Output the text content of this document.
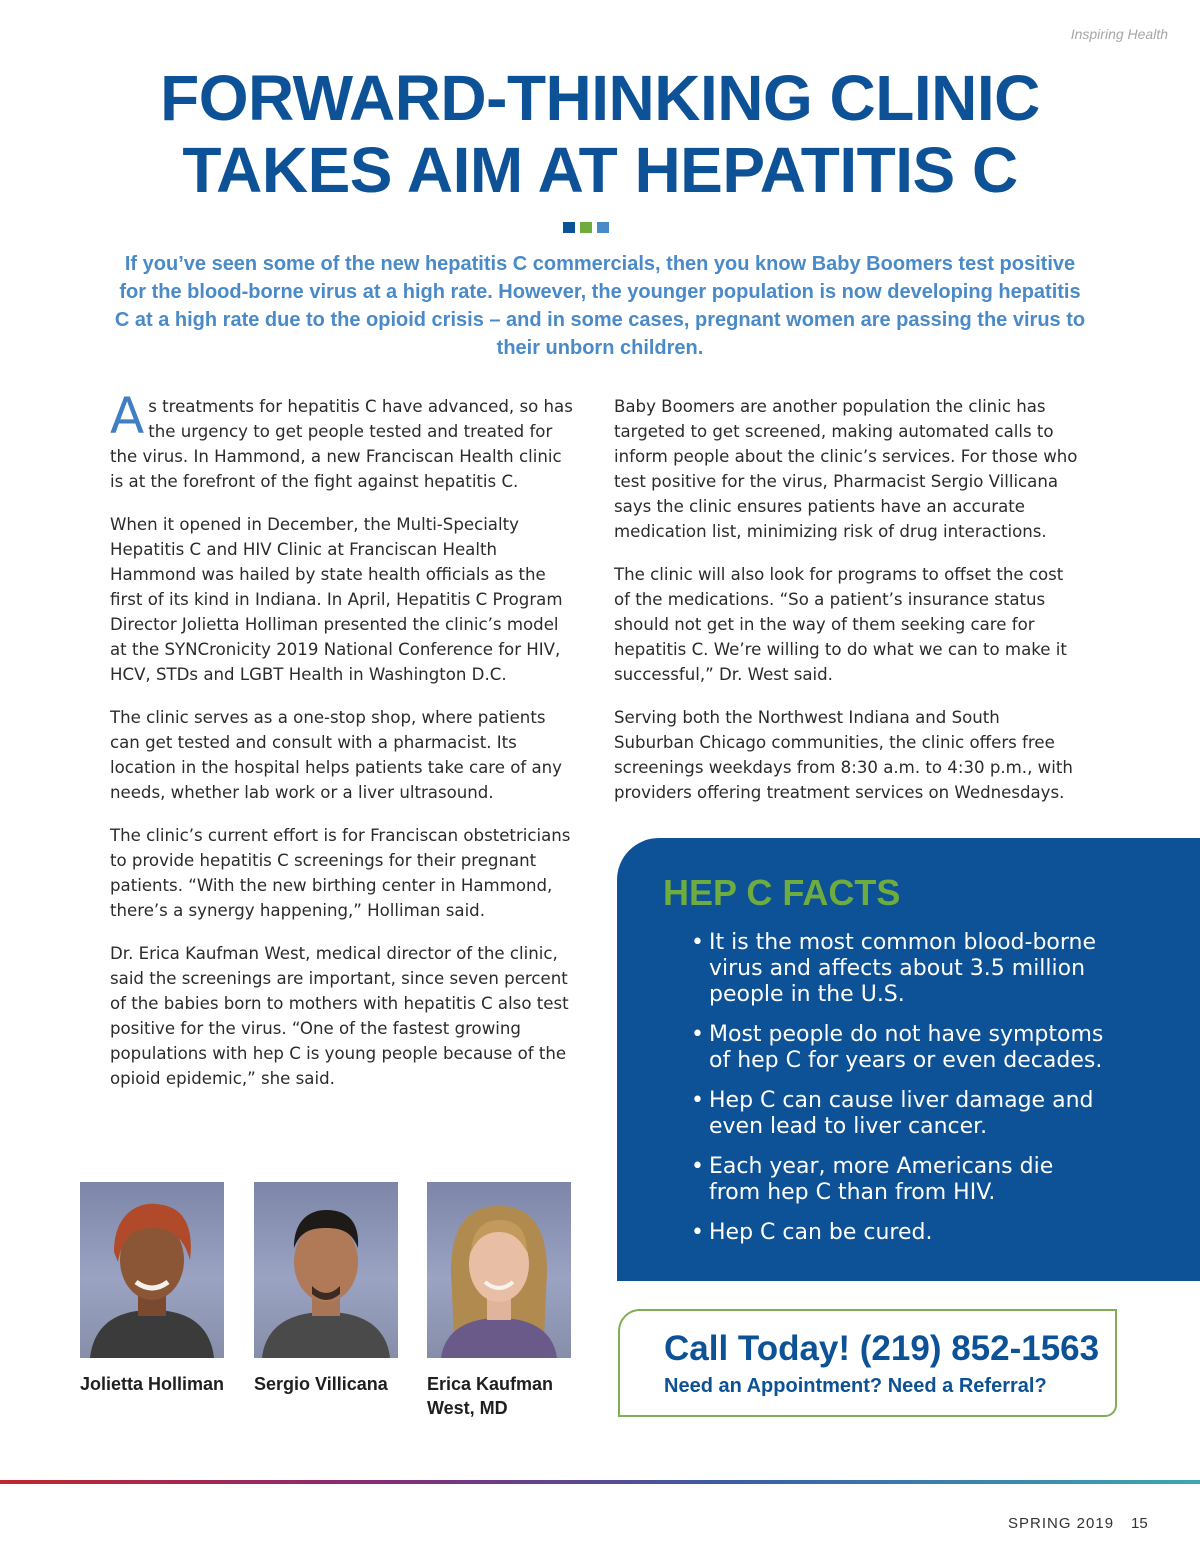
Inspiring Health
FORWARD-THINKING CLINIC
TAKES AIM AT HEPATITIS C

If you’ve seen some of the new hepatitis C commercials, then you know Baby Boomers test positive for the blood-borne virus at a high rate. However, the younger population is now developing hepatitis C at a high rate due to the opioid crisis – and in some cases, pregnant women are passing the virus to their unborn children.

As treatments for hepatitis C have advanced, so has the urgency to get people tested and treated for the virus. In Hammond, a new Franciscan Health clinic is at the forefront of the fight against hepatitis C.

When it opened in December, the Multi-Specialty Hepatitis C and HIV Clinic at Franciscan Health Hammond was hailed by state health officials as the first of its kind in Indiana. In April, Hepatitis C Program Director Jolietta Holliman presented the clinic’s model at the SYNCronicity 2019 National Conference for HIV, HCV, STDs and LGBT Health in Washington D.C.

The clinic serves as a one-stop shop, where patients can get tested and consult with a pharmacist. Its location in the hospital helps patients take care of any needs, whether lab work or a liver ultrasound.

The clinic’s current effort is for Franciscan obstetricians to provide hepatitis C screenings for their pregnant patients. “With the new birthing center in Hammond, there’s a synergy happening,” Holliman said.

Dr. Erica Kaufman West, medical director of the clinic, said the screenings are important, since seven percent of the babies born to mothers with hepatitis C also test positive for the virus. “One of the fastest growing populations with hep C is young people because of the opioid epidemic,” she said.

Baby Boomers are another population the clinic has targeted to get screened, making automated calls to inform people about the clinic’s services. For those who test positive for the virus, Pharmacist Sergio Villicana says the clinic ensures patients have an accurate medication list, minimizing risk of drug interactions.

The clinic will also look for programs to offset the cost of the medications. “So a patient’s insurance status should not get in the way of them seeking care for hepatitis C. We’re willing to do what we can to make it successful,” Dr. West said.

Serving both the Northwest Indiana and South Suburban Chicago communities, the clinic offers free screenings weekdays from 8:30 a.m. to 4:30 p.m., with providers offering treatment services on Wednesdays.

Jolietta Holliman	Sergio Villicana	Erica Kaufman
West, MD
HEP C FACTS
• It is the most common blood-borne
virus and affects about 3.5 million
people in the U.S.
• Most people do not have symptoms
of hep C for years or even decades.
• Hep C can cause liver damage and
even lead to liver cancer.
• Each year, more Americans die
from hep C than from HIV.
• Hep C can be cured.
Call Today! (219) 852-1563
Need an Appointment? Need a Referral?
SPRING 2019 15
